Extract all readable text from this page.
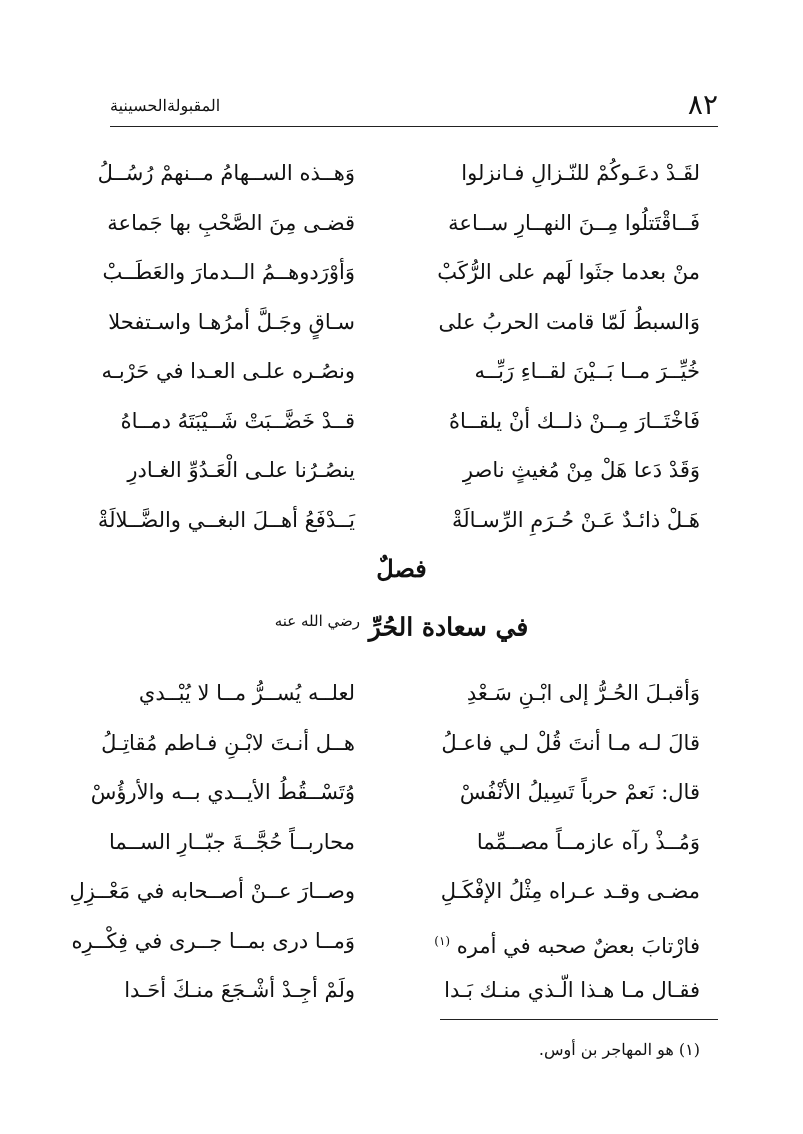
٨٢
المقبولةالحسينية
لقَـدْ دعَـوكُمْ للنّـزالِ فـانزلوا
وَهــذه الســهامُ مــنهمْ رُسُــلُ
فَــاقْتَتلُوا مِــنَ النهــارِ ســاعة
قضـى مِنَ الصَّحْبِ بها جَماعة
منْ بعدما جثَوا لَهم على الرُّكَبْ
وَأوْرَدوهــمُ الــدمارَ والعَطَــبْ
وَالسبطُ لَمّا قامت الحربُ على
سـاقٍ وجَـلَّ أمرُهـا واسـتفحلا
خُيِّــرَ مــا بَــيْنَ لقــاءِ رَبِّــه
ونصُـره علـى العـدا في حَرْبـه
فَاخْتَــارَ مِــنْ ذلــك أنْ يلقــاهُ
قــدْ خَضَّــبَتْ شَــيْبَتَهُ دمــاهُ
وَقَدْ دَعا هَلْ مِنْ مُغيثٍ ناصرِ
ينصُـرُنا علـى الْعَـدُوِّ الغـادرِ
هَـلْ ذائـدٌ عَـنْ حُـرَمِ الرِّسـالَةْ
يَــدْفَعُ أهــلَ البغــي والضَّــلالَةْ
فصلٌ
في سعادة الحُرِّ $^{رضي الله عنه}$
وَأقبـلَ الحُـرُّ إلى ابْـنِ سَـعْدِ
لعلــه يُســرُّ مــا لا يُبْــدي
قالَ لـه مـا أنتَ قُلْ لـي فاعـلُ
هــل أنـتَ لابْـنِ فـاطم مُقاتِـلُ
قال: نَعمْ حرباً تَسِيلُ الأنْفُسْ
وُتَسْــقُطُ الأيــدي بــه والأرؤُسْ
وَمُــذْ رآه عازمــاً مصــمِّما
محاربــاً حُجَّــةَ جبّــارِ الســما
مضـى وقـد عـراه مِثْلُ الإفْكَـلِ
وصــارَ عــنْ أصــحابه في مَعْــزِلِ
فارْتابَ بعضٌ صحبه في أمره $^{(١)}$
وَمــا درى بمــا جــرى في فِكْــرِه
فقـال مـا هـذا الّـذي منـك بَـدا
ولَمْ أجِـدْ أشْـجَعَ منـكَ أحَـدا
(١) هو المهاجر بن أوس.
